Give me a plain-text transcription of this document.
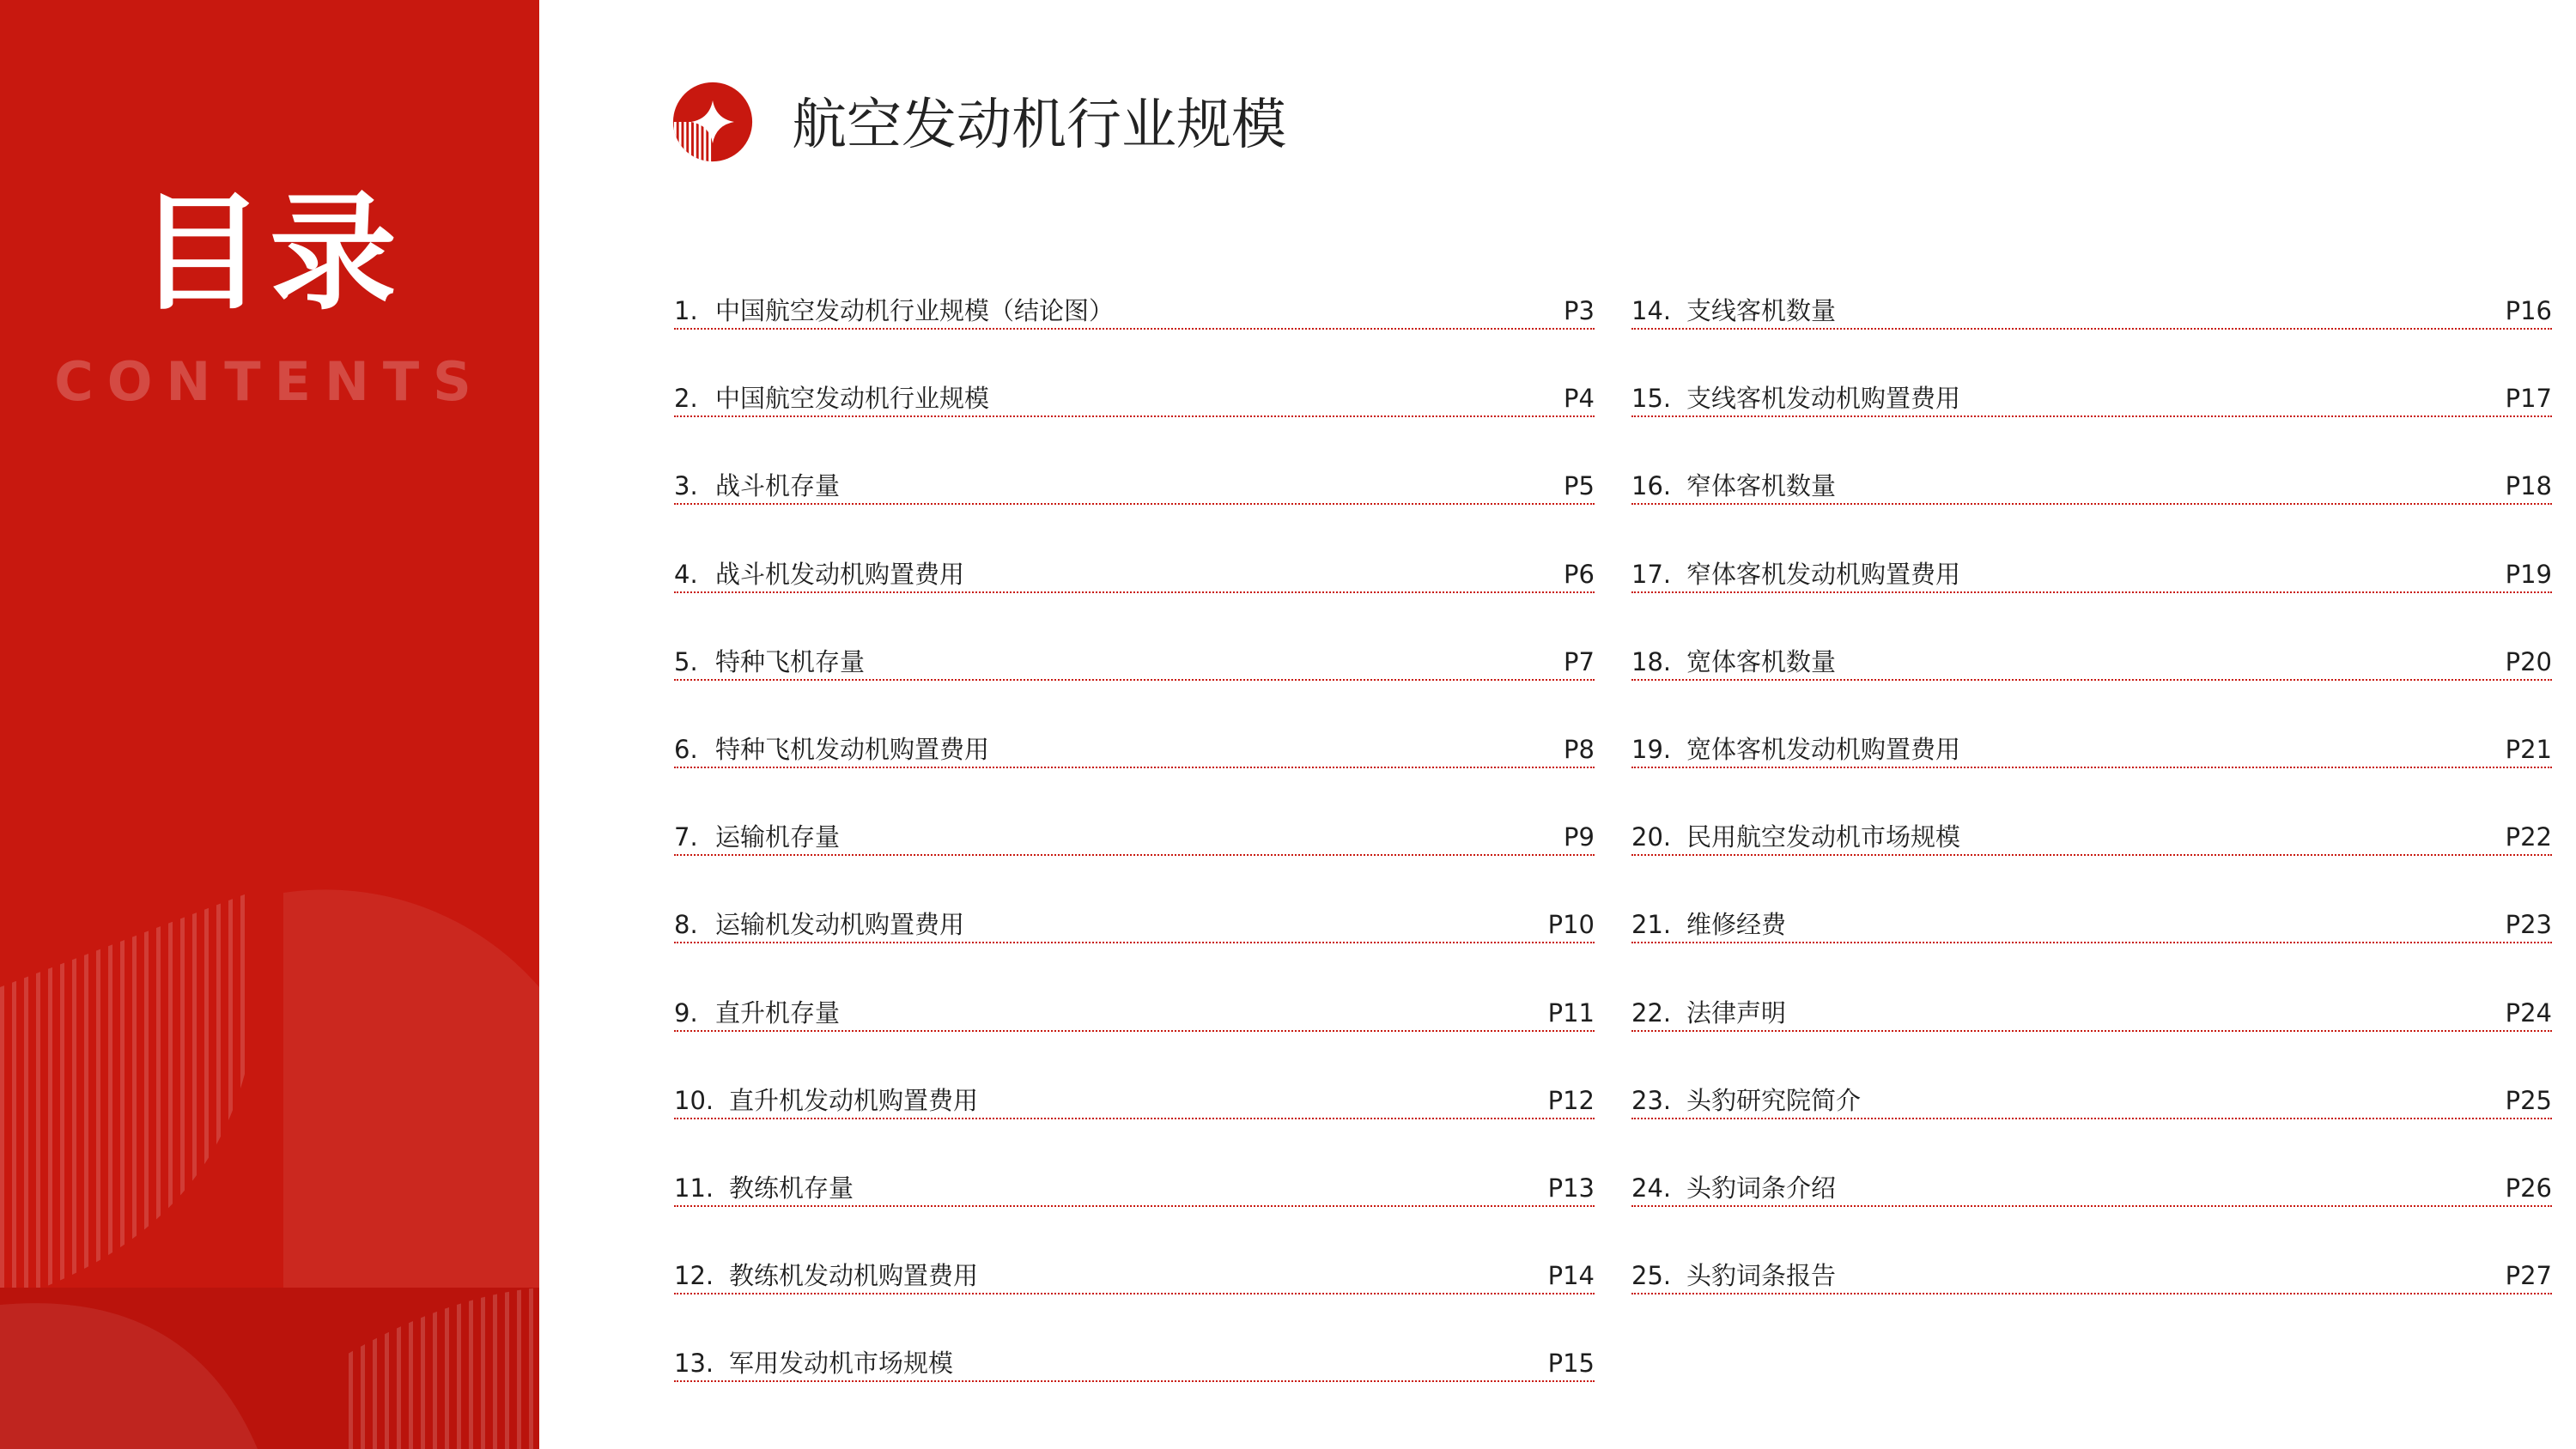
目录
CONTENTS
航空发动机行业规模
1. 中国航空发动机行业规模（结论图）	P3
2. 中国航空发动机行业规模	P4
3. 战斗机存量	P5
4. 战斗机发动机购置费用	P6
5. 特种飞机存量	P7
6. 特种飞机发动机购置费用	P8
7. 运输机存量	P9
8. 运输机发动机购置费用	P10
9. 直升机存量	P11
10. 直升机发动机购置费用	P12
11. 教练机存量	P13
12. 教练机发动机购置费用	P14
13. 军用发动机市场规模	P15
14. 支线客机数量	P16
15. 支线客机发动机购置费用	P17
16. 窄体客机数量	P18
17. 窄体客机发动机购置费用	P19
18. 宽体客机数量	P20
19. 宽体客机发动机购置费用	P21
20. 民用航空发动机市场规模	P22
21. 维修经费	P23
22. 法律声明	P24
23. 头豹研究院简介	P25
24. 头豹词条介绍	P26
25. 头豹词条报告	P27
